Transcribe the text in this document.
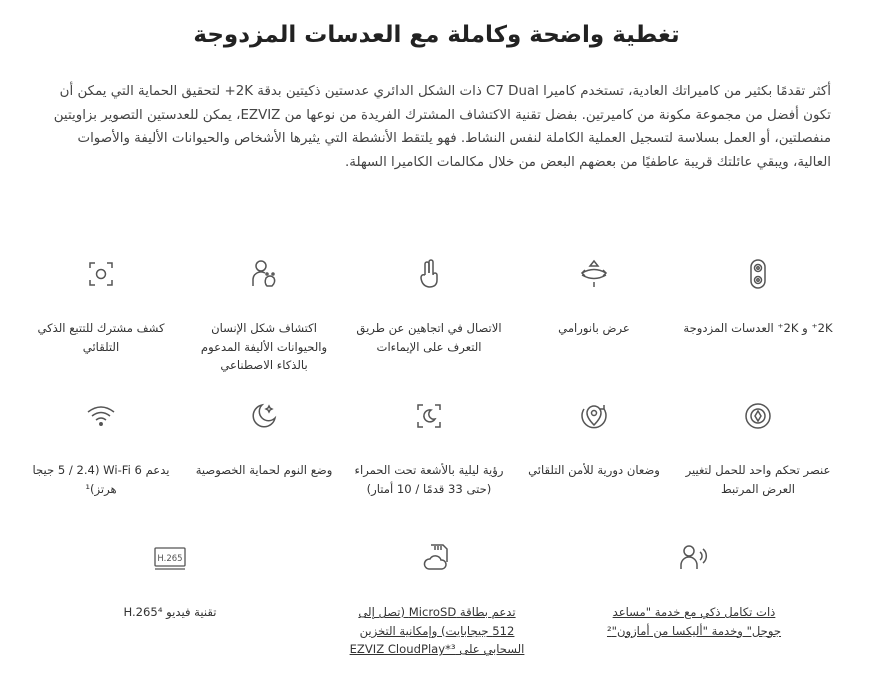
تغطية واضحة وكاملة مع العدسات المزدوجة

أكثر تقدمًا بكثير من كاميراتك العادية، تستخدم كاميرا C7 Dual ذات الشكل الدائري عدستين ذكيتين بدقة 2K+ لتحقيق الحماية التي يمكن أن تكون أفضل من مجموعة مكونة من كاميرتين. بفضل تقنية الاكتشاف المشترك الفريدة من نوعها من EZVIZ، يمكن للعدستين التصوير بزاويتين منفصلتين، أو العمل بسلاسة لتسجيل العملية الكاملة لنفس النشاط. فهو يلتقط الأنشطة التي يثيرها الأشخاص والحيوانات الأليفة والأصوات العالية، ويبقي عائلتك قريبة عاطفيًا من بعضهم البعض من خلال مكالمات الكاميرا السهلة.

2K⁺ و 2K⁺ العدسات المزدوجة
عرض بانورامي
الاتصال في اتجاهين عن طريق التعرف على الإيماءات
اكتشاف شكل الإنسان والحيوانات الأليفة المدعوم بالذكاء الاصطناعي
كشف مشترك للتتبع الذكي التلقائي
عنصر تحكم واحد للحمل لتغيير العرض المرتبط
وضعان دورية للأمن التلقائي
رؤية ليلية بالأشعة تحت الحمراء (حتى 33 قدمًا / 10 أمتار)
وضع النوم لحماية الخصوصية
يدعم Wi-Fi 6 ‏(2.4 / 5 جيجا هرتز)¹
ذات تكامل ذكي مع خدمة "مساعد جوجل" وخدمة "أليكسا من أمازون"²
تدعم بطاقة MicroSD (تصل إلى 512 جيجابايت) وإمكانية التخزين السحابي على EZVIZ CloudPlay*³
H.265
تقنية فيديو H.265⁴
